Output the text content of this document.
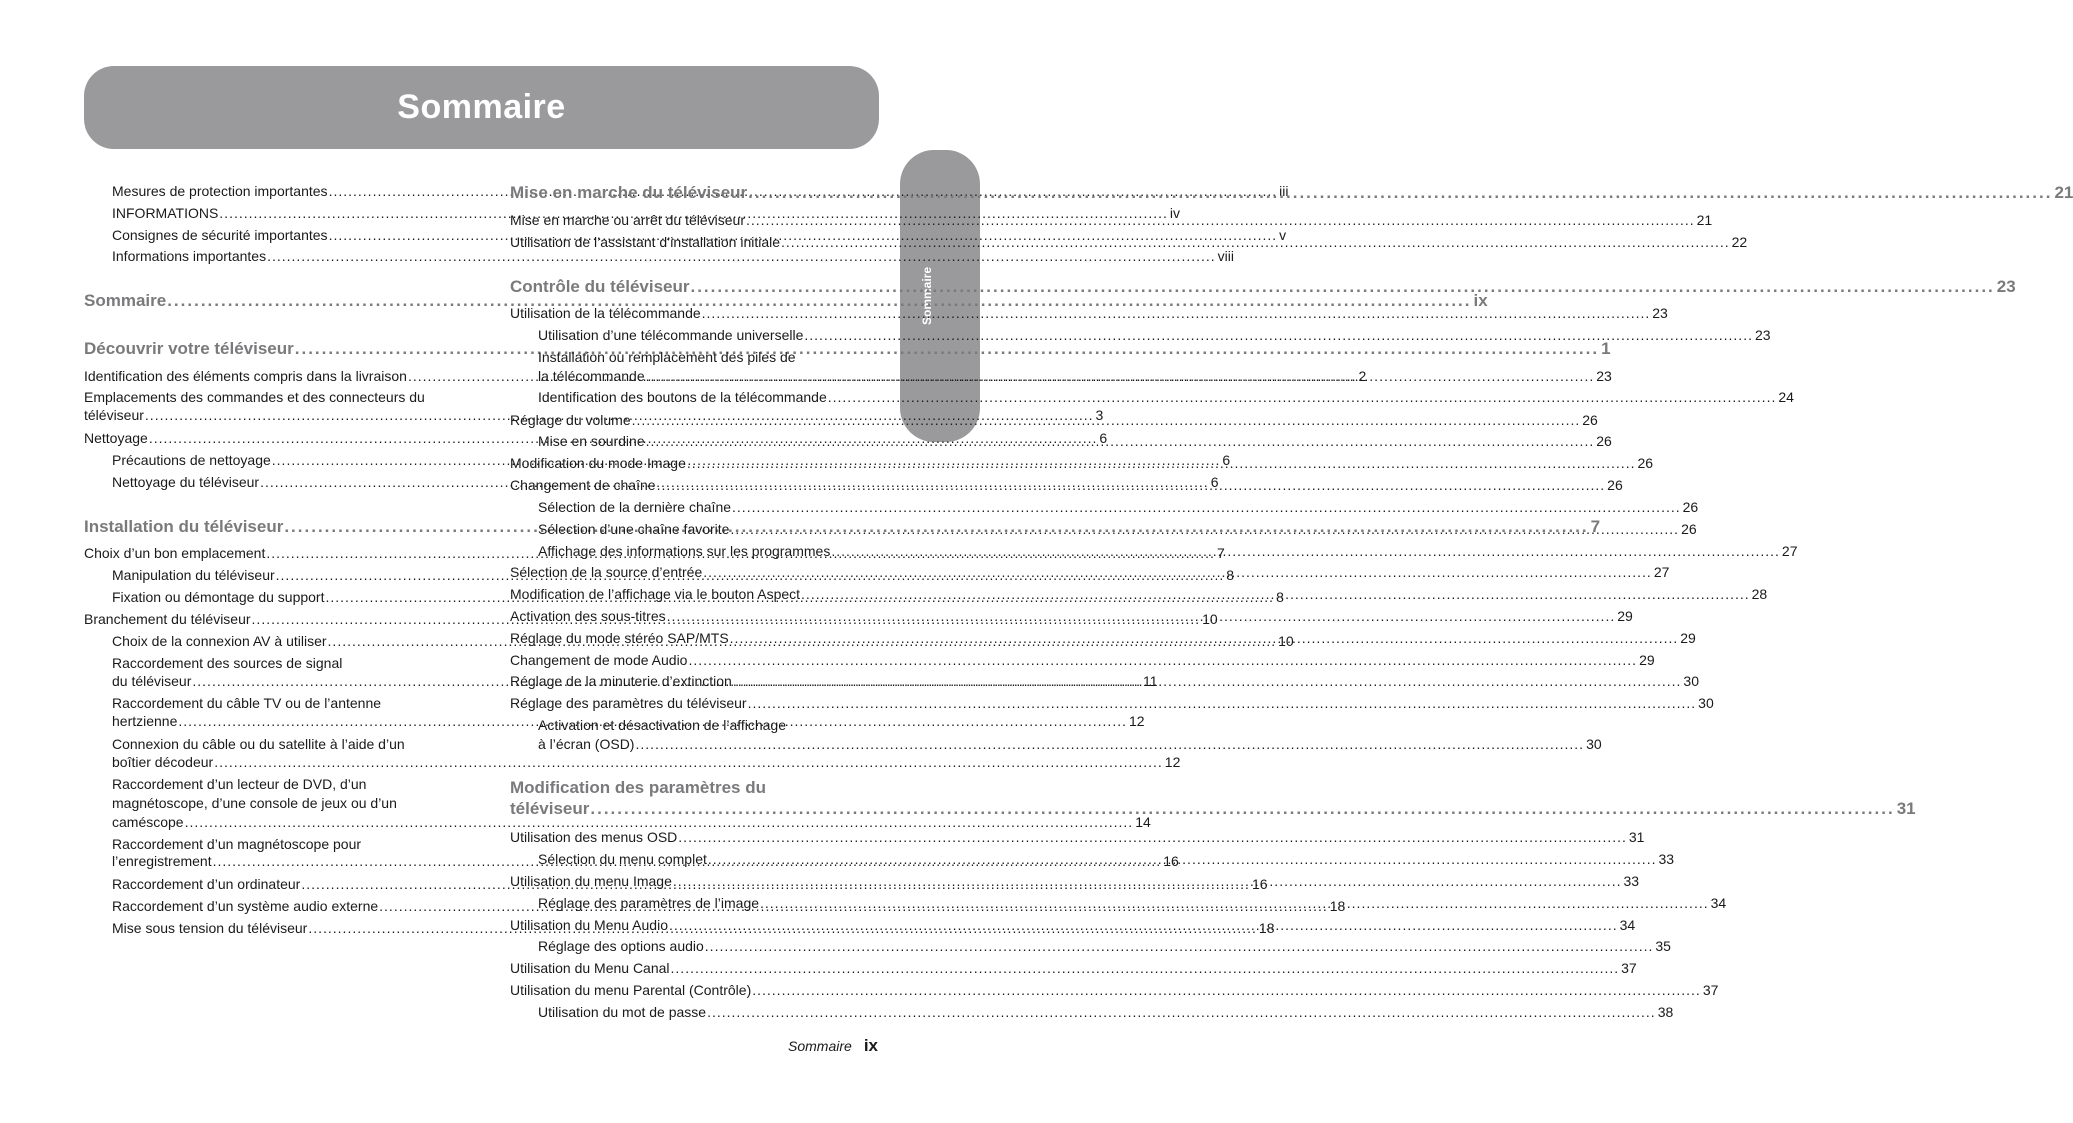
Sommaire
Sommaire
Mesures de protection importantes .....	iii
INFORMATIONS .....	iv
Consignes de sécurité importantes .....	v
Informations importantes .....	viii
Sommaire .....	ix
Découvrir votre téléviseur .....	1
Identification des éléments compris dans la livraison .....	2
Emplacements des commandes et des connecteurs du
téléviseur .....	3
Nettoyage .....	6
Précautions de nettoyage .....	6
Nettoyage du téléviseur .....	6
Installation du téléviseur .....	7
Choix d’un bon emplacement .....	7
Manipulation du téléviseur .....	8
Fixation ou démontage du support .....	8
Branchement du téléviseur .....	10
Choix de la connexion AV à utiliser .....	10
Raccordement des sources de signal
du téléviseur .....	11
Raccordement du câble TV ou de l’antenne
hertzienne .....	12
Connexion du câble ou du satellite à l’aide d’un
boîtier décodeur .....	12
Raccordement d’un lecteur de DVD, d’un
magnétoscope, d’une console de jeux ou d’un
caméscope .....	14
Raccordement d’un magnétoscope pour
l’enregistrement .....	16
Raccordement d’un ordinateur .....	16
Raccordement d’un système audio externe .....	18
Mise sous tension du téléviseur .....	18
Mise en marche du téléviseur .....	21
Mise en marche ou arrêt du téléviseur .....	21
Utilisation de l’assistant d’installation initiale .....	22
Contrôle du téléviseur .....	23
Utilisation de la télécommande .....	23
Utilisation d’une télécommande universelle .....	23
Installation ou remplacement des piles de
la télécommande .....	23
Identification des boutons de la télécommande .....	24
Réglage du volume .....	26
Mise en sourdine .....	26
Modification du mode Image .....	26
Changement de chaîne .....	26
Sélection de la dernière chaîne .....	26
Sélection d’une chaîne favorite .....	26
Affichage des informations sur les programmes .....	27
Sélection de la source d’entrée .....	27
Modification de l’affichage via le bouton Aspect .....	28
Activation des sous-titres .....	29
Réglage du mode stéréo SAP/MTS .....	29
Changement de mode Audio .....	29
Réglage de la minuterie d’extinction .....	30
Réglage des paramètres du téléviseur .....	30
Activation et désactivation de l’affichage
à l’écran (OSD) .....	30
Modification des paramètres du
téléviseur .....	31
Utilisation des menus OSD .....	31
Sélection du menu complet .....	33
Utilisation du menu Image .....	33
Réglage des paramètres de l’image .....	34
Utilisation du Menu Audio .....	34
Réglage des options audio .....	35
Utilisation du Menu Canal .....	37
Utilisation du menu Parental (Contrôle) .....	37
Utilisation du mot de passe .....	38
Sommaire ix
